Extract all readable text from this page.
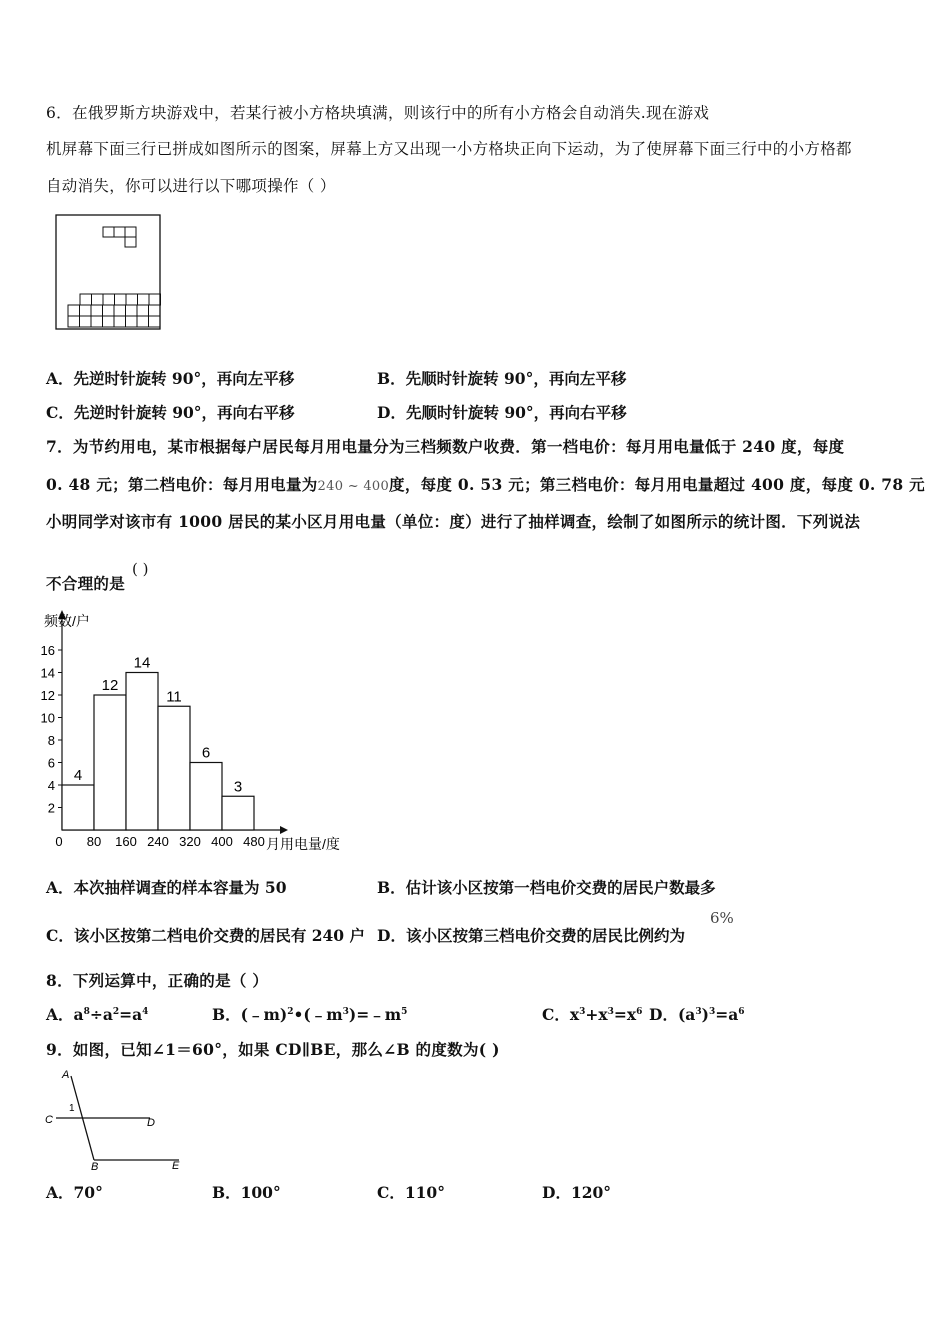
6．在俄罗斯方块游戏中，若某行被小方格块填满，则该行中的所有小方格会自动消失.现在游戏
机屏幕下面三行已拼成如图所示的图案，屏幕上方又出现一小方格块正向下运动，为了使屏幕下面三行中的小方格都
自动消失，你可以进行以下哪项操作（ ）
A．先逆时针旋转 90°，再向左平移	B．先顺时针旋转 90°，再向左平移
C．先逆时针旋转 90°，再向右平移	D．先顺时针旋转 90°，再向右平移
7．为节约用电，某市根据每户居民每月用电量分为三档频数户收费．第一档电价：每月用电量低于 240 度，每度
0. 48 元；第二档电价：每月用电量为240 ~ 400度，每度 0. 53 元；第三档电价：每月用电量超过 400 度，每度 0. 78 元
小明同学对该市有 1000 居民的某小区月用电量（单位：度）进行了抽样调查，绘制了如图所示的统计图．下列说法
不合理的是
( )
频数/户
月用电量/度
2
4
6
8
10
12
14
16
0 80 160 240 320 400 480
4
12
14
11
6
3
A．本次抽样调查的样本容量为 50	B．估计该小区按第一档电价交费的居民户数最多
C．该小区按第二档电价交费的居民有 240 户 D．该小区按第三档电价交费的居民比例约为
6%
8．下列运算中，正确的是（ ）
A．$a^8\div a^2=a^4$	B．$(﹣m)^2•(﹣m^3)=﹣m^5$	C．$x^3+x^3=x^6$ D．$(a^3)^3=a^6$
9．如图，已知∠1＝60°，如果 CD∥BE，那么∠B 的度数为( )
A
C	D
B	E
1
A．70°	B．100°	C．110°	D．120°
